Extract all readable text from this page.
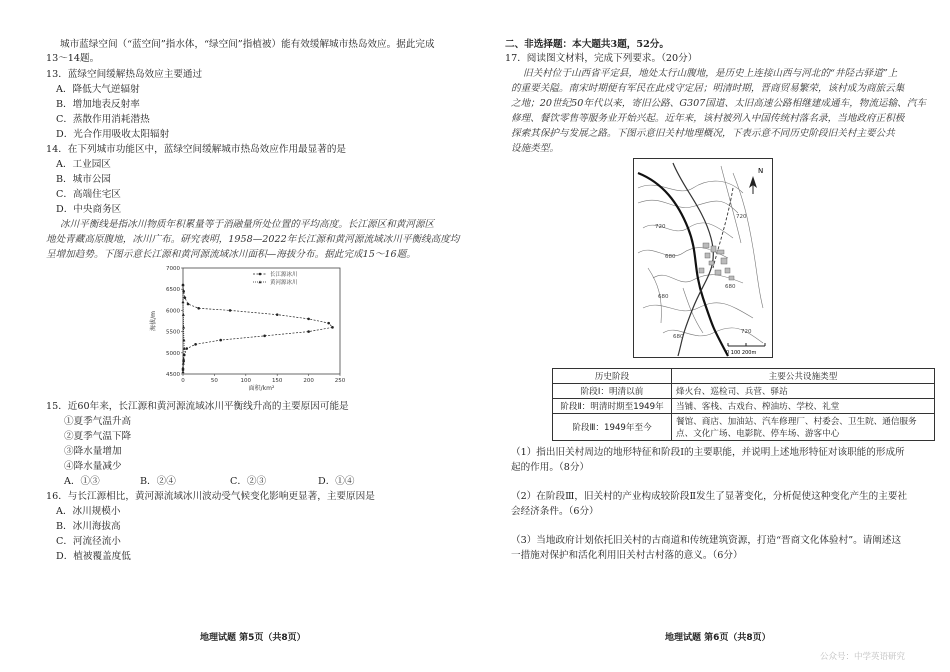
城市蓝绿空间（“蓝空间”指水体，“绿空间”指植被）能有效缓解城市热岛效应。据此完成
13～14题。
13．蓝绿空间缓解热岛效应主要通过
A．降低大气逆辐射
B．增加地表反射率
C．蒸散作用消耗潜热
D．光合作用吸收太阳辐射
14．在下列城市功能区中，蓝绿空间缓解城市热岛效应作用最显著的是
A．工业园区
B．城市公园
C．高端住宅区
D．中央商务区
冰川平衡线是指冰川物质年积累量等于消融量所处位置的平均高度。长江源区和黄河源区
地处青藏高原腹地，冰川广布。研究表明，1958—2022年长江源和黄河源流域冰川平衡线高度均
呈增加趋势。下图示意长江源和黄河源流域冰川面积—海拔分布。据此完成15～16题。
4500
5000
5500
6000
6500
7000
0	50	100	150	200	250
面积/km²
海拔/m
长江源冰川
黄河源冰川
15．近60年来，长江源和黄河源流域冰川平衡线升高的主要原因可能是
①夏季气温升高
②夏季气温下降
③降水量增加
④降水量减少
A．①③	B．②④	C．②③	D．①④
16．与长江源相比，黄河源流域冰川波动受气候变化影响更显著，主要原因是
A．冰川规模小
B．冰川海拔高
C．河流径流小
D．植被覆盖度低
地理试题 第5页（共8页）
二、非选择题：本大题共3题，52分。
17．阅读图文材料，完成下列要求。（20分）
旧关村位于山西省平定县，地处太行山腹地，是历史上连接山西与河北的“井陉古驿道”上
的重要关隘。南宋时期便有军民在此戍守定居；明清时期，晋商贸易繁荣，该村成为商旅云集
之地；20世纪50年代以来，寄旧公路、G307国道、太旧高速公路相继建成通车，物流运输、汽车
修理、餐饮零售等服务业开始兴起。近年来，该村被列入中国传统村落名录，当地政府正积极
探索其保护与发展之路。下图示意旧关村地理概况，下表示意不同历史阶段旧关村主要公共
设施类型。
N
720
680
720
680
680
720
680
0 100 200m
历史阶段	主要公共设施类型
阶段Ⅰ：明清以前	烽火台、巡检司、兵营、驿站
阶段Ⅱ：明清时期至1949年	当铺、客栈、古戏台、榨油坊、学校、礼堂
阶段Ⅲ：1949年至今	餐馆、商店、加油站、汽车修理厂、村委会、卫生院、通信服务点、文化广场、电影院、停车场、游客中心
（1）指出旧关村周边的地形特征和阶段Ⅰ的主要职能，并说明上述地形特征对该职能的形成所
起的作用。（8分）
（2）在阶段Ⅲ，旧关村的产业构成较阶段Ⅱ发生了显著变化，分析促使这种变化产生的主要社
会经济条件。（6分）
（3）当地政府计划依托旧关村的古商道和传统建筑资源，打造“晋商文化体验村”。请阐述这
一措施对保护和活化利用旧关村古村落的意义。（6分）
地理试题 第6页（共8页）
公众号：中学英语研究
